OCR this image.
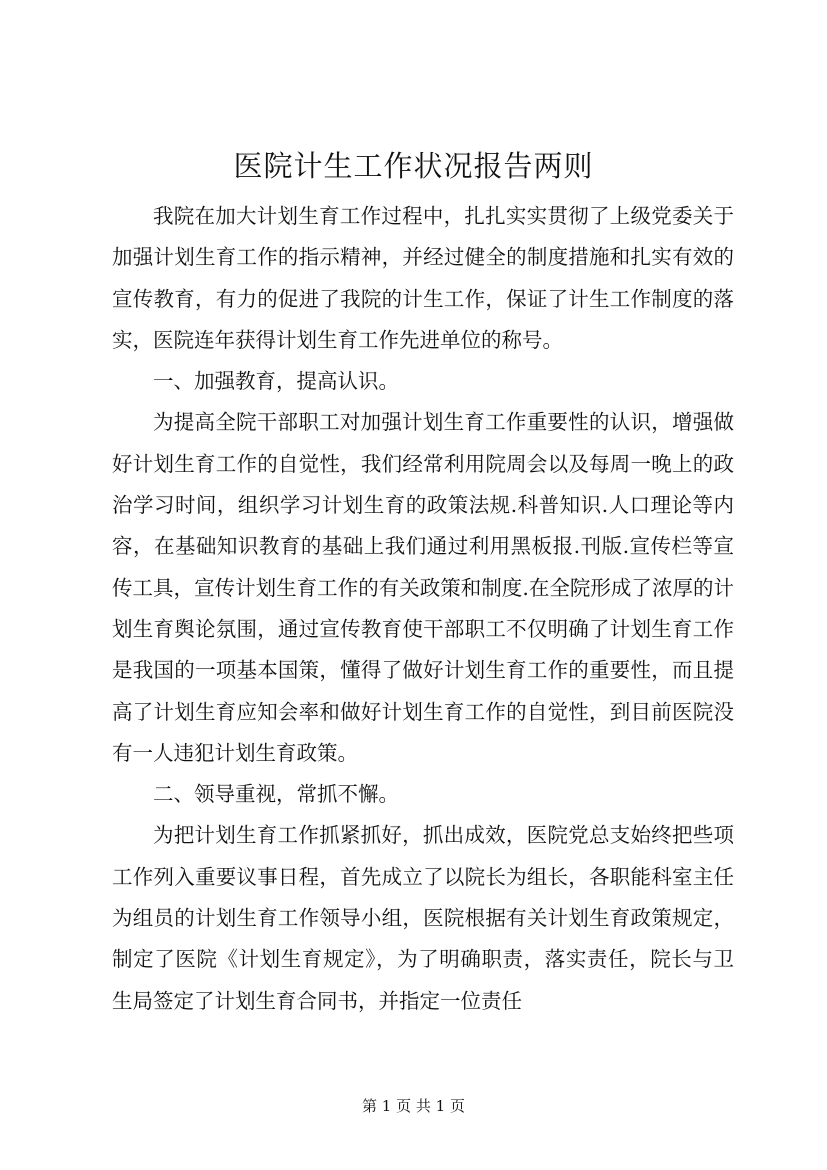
医院计生工作状况报告两则

我院在加大计划生育工作过程中，扎扎实实贯彻了上级党委关于加强计划生育工作的指示精神，并经过健全的制度措施和扎实有效的宣传教育，有力的促进了我院的计生工作，保证了计生工作制度的落实，医院连年获得计划生育工作先进单位的称号。

一、加强教育，提高认识。

为提高全院干部职工对加强计划生育工作重要性的认识，增强做好计划生育工作的自觉性，我们经常利用院周会以及每周一晚上的政治学习时间，组织学习计划生育的政策法规.科普知识.人口理论等内容，在基础知识教育的基础上我们通过利用黑板报.刊版.宣传栏等宣传工具，宣传计划生育工作的有关政策和制度.在全院形成了浓厚的计划生育舆论氛围，通过宣传教育使干部职工不仅明确了计划生育工作是我国的一项基本国策，懂得了做好计划生育工作的重要性，而且提高了计划生育应知会率和做好计划生育工作的自觉性，到目前医院没有一人违犯计划生育政策。

二、领导重视，常抓不懈。

为把计划生育工作抓紧抓好，抓出成效，医院党总支始终把些项工作列入重要议事日程，首先成立了以院长为组长，各职能科室主任为组员的计划生育工作领导小组，医院根据有关计划生育政策规定，制定了医院《计划生育规定》，为了明确职责，落实责任，院长与卫生局签定了计划生育合同书，并指定一位责任

第 1 页 共 1 页
